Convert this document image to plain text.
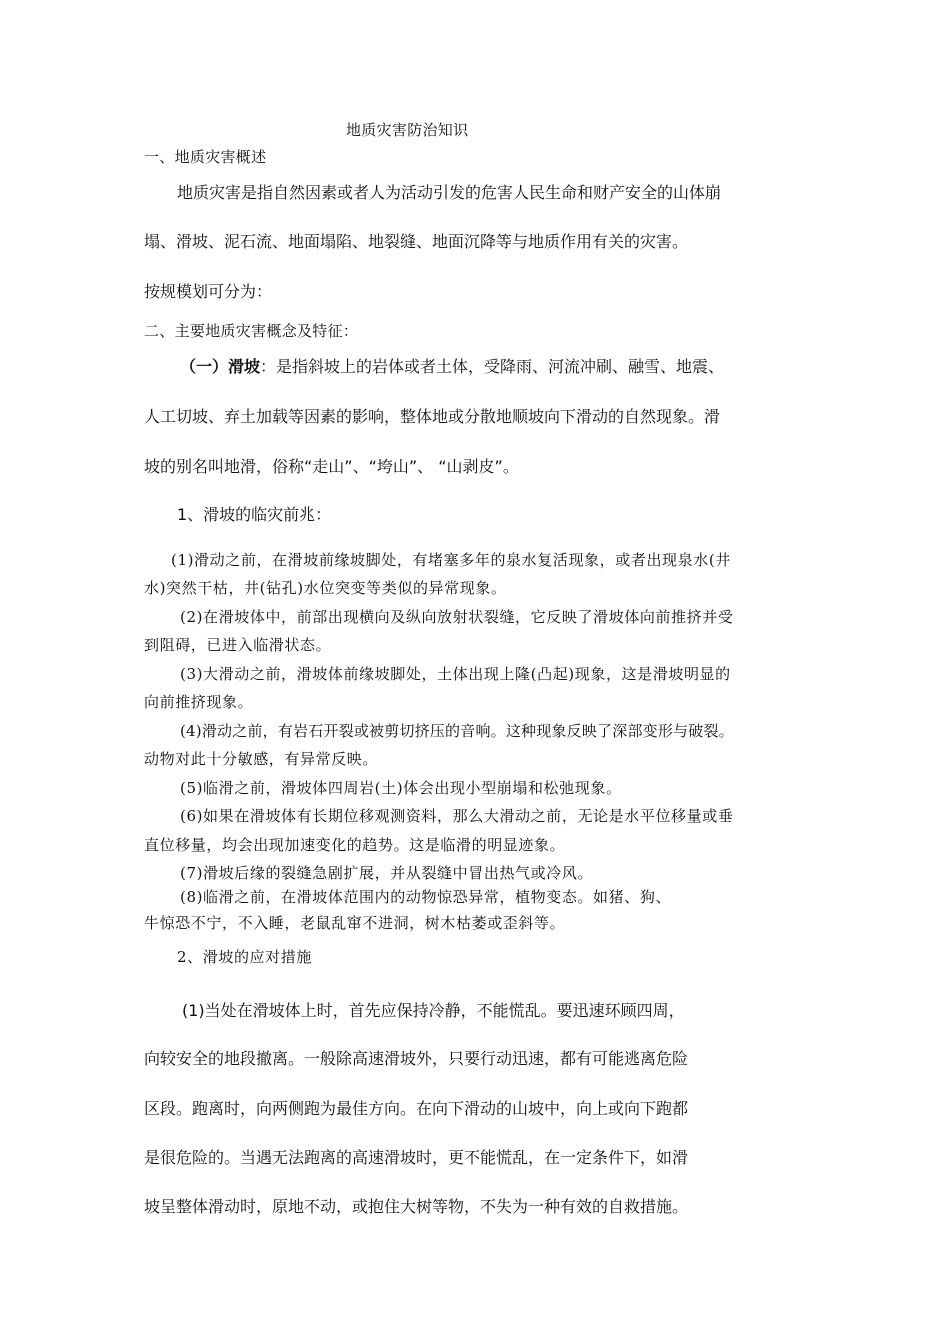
地质灾害防治知识
一、地质灾害概述
地质灾害是指自然因素或者人为活动引发的危害人民生命和财产安全的山体崩
塌、滑坡、泥石流、地面塌陷、地裂缝、地面沉降等与地质作用有关的灾害。
按规模划可分为：
二、主要地质灾害概念及特征：
（一）滑坡：是指斜坡上的岩体或者土体，受降雨、河流冲刷、融雪、地震、
人工切坡、弃土加载等因素的影响，整体地或分散地顺坡向下滑动的自然现象。滑
坡的别名叫地滑，俗称“走山”、“垮山”、 “山剥皮”。
1、滑坡的临灾前兆：
(1)滑动之前，在滑坡前缘坡脚处，有堵塞多年的泉水复活现象，或者出现泉水(井
水)突然干枯，井(钻孔)水位突变等类似的异常现象。
(2)在滑坡体中，前部出现横向及纵向放射状裂缝，它反映了滑坡体向前推挤并受
到阻碍，已进入临滑状态。
(3)大滑动之前，滑坡体前缘坡脚处，土体出现上隆(凸起)现象，这是滑坡明显的
向前推挤现象。
(4)滑动之前，有岩石开裂或被剪切挤压的音响。这种现象反映了深部变形与破裂。
动物对此十分敏感，有异常反映。
(5)临滑之前，滑坡体四周岩(土)体会出现小型崩塌和松弛现象。
(6)如果在滑坡体有长期位移观测资料，那么大滑动之前，无论是水平位移量或垂
直位移量，均会出现加速变化的趋势。这是临滑的明显迹象。
(7)滑坡后缘的裂缝急剧扩展，并从裂缝中冒出热气或冷风。
(8)临滑之前，在滑坡体范围内的动物惊恐异常，植物变态。如猪、狗、
牛惊恐不宁，不入睡，老鼠乱窜不进洞，树木枯萎或歪斜等。
2、滑坡的应对措施
(1)当处在滑坡体上时，首先应保持冷静，不能慌乱。要迅速环顾四周，
向较安全的地段撤离。一般除高速滑坡外，只要行动迅速，都有可能逃离危险
区段。跑离时，向两侧跑为最佳方向。在向下滑动的山坡中，向上或向下跑都
是很危险的。当遇无法跑离的高速滑坡时，更不能慌乱，在一定条件下，如滑
坡呈整体滑动时，原地不动，或抱住大树等物，不失为一种有效的自救措施。
